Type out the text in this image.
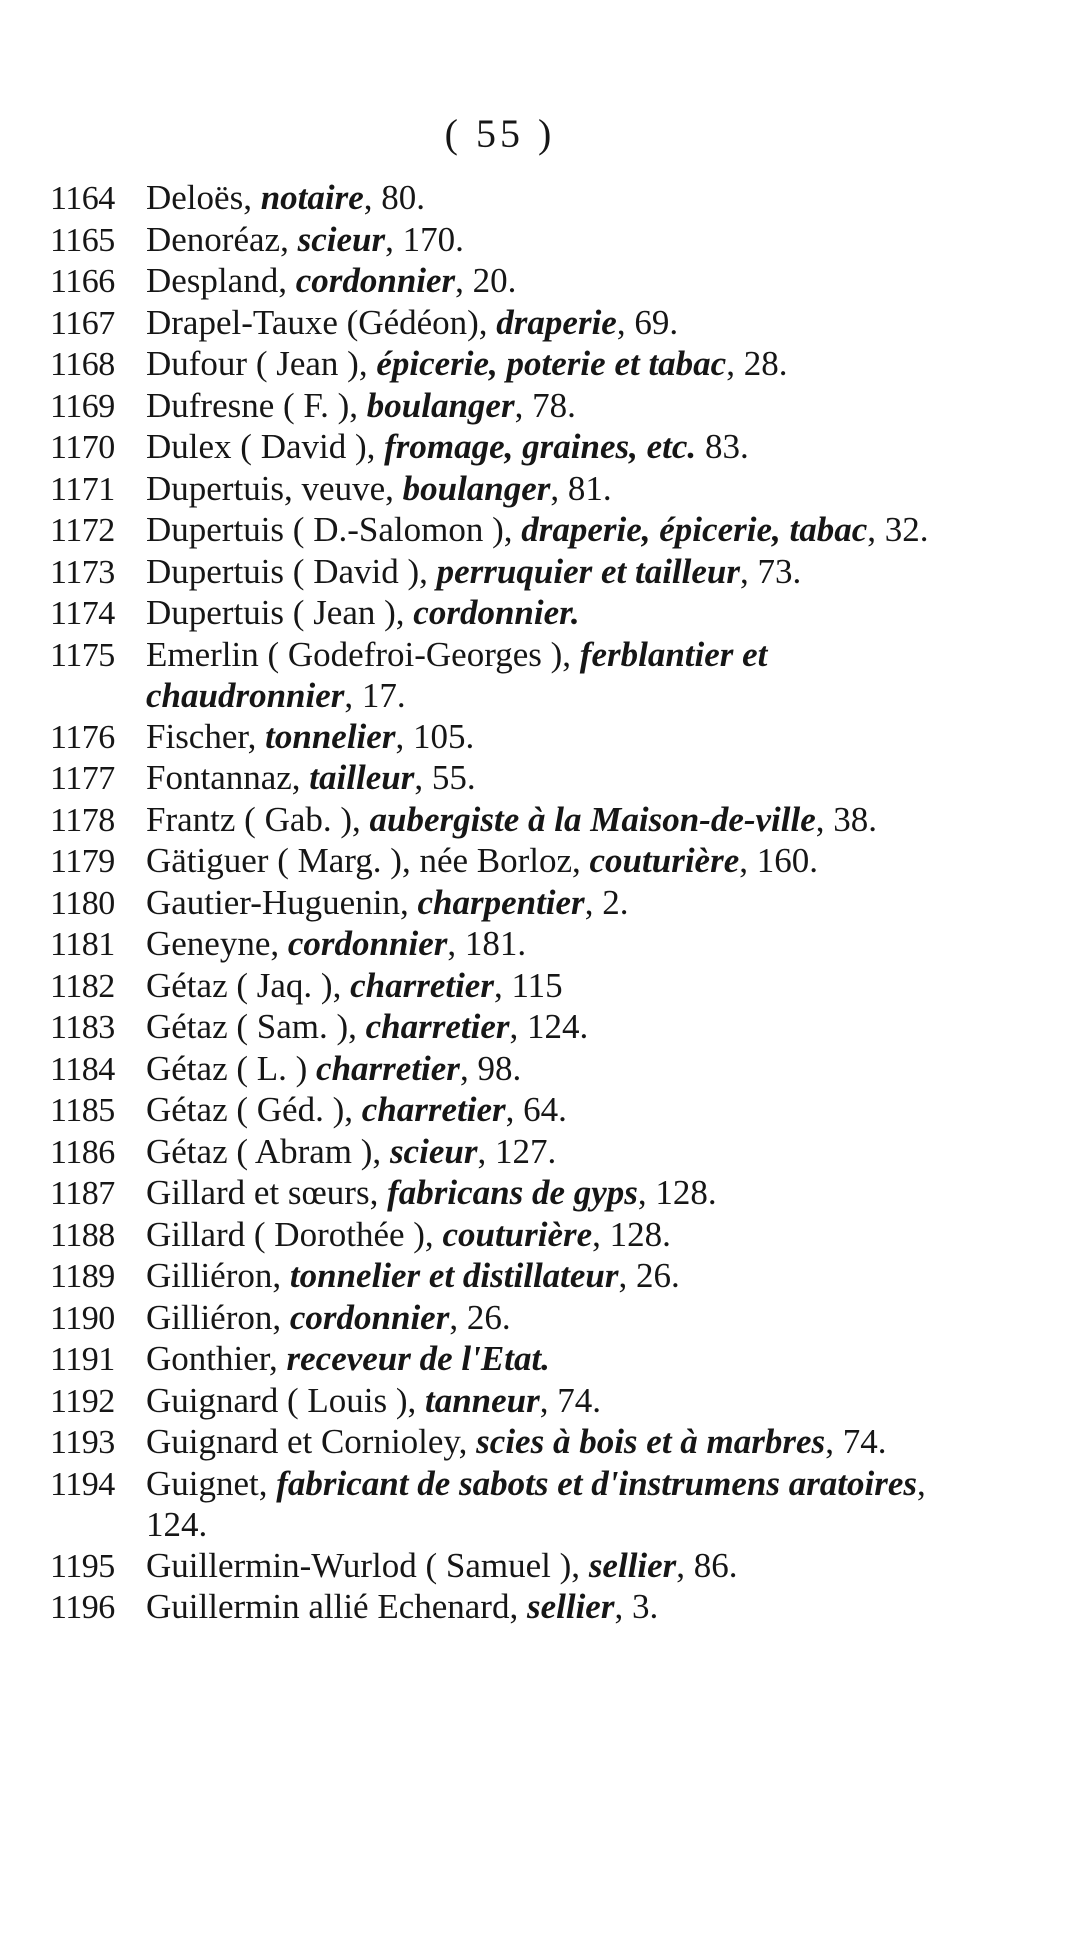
( 55 )

1164 Deloës, notaire, 80.

1165 Denoréaz, scieur, 170.

1166 Despland, cordonnier, 20.

1167 Drapel-Tauxe (Gédéon), draperie, 69.

1168 Dufour ( Jean ), épicerie, poterie et tabac, 28.

1169 Dufresne ( F. ), boulanger, 78.

1170 Dulex ( David ), fromage, graines, etc. 83.

1171 Dupertuis, veuve, boulanger, 81.

1172 Dupertuis ( D.-Salomon ), draperie, épicerie, tabac, 32.

1173 Dupertuis ( David ), perruquier et tailleur, 73.

1174 Dupertuis ( Jean ), cordonnier.

1175 Emerlin ( Godefroi-Georges ), ferblantier et chaudronnier, 17.

1176 Fischer, tonnelier, 105.

1177 Fontannaz, tailleur, 55.

1178 Frantz ( Gab. ), aubergiste à la Maison-de-ville, 38.

1179 Gätiguer ( Marg. ), née Borloz, couturière, 160.

1180 Gautier-Huguenin, charpentier, 2.

1181 Geneyne, cordonnier, 181.

1182 Gétaz ( Jaq. ), charretier, 115

1183 Gétaz ( Sam. ), charretier, 124.

1184 Gétaz ( L. ) charretier, 98.

1185 Gétaz ( Géd. ), charretier, 64.

1186 Gétaz ( Abram ), scieur, 127.

1187 Gillard et sœurs, fabricans de gyps, 128.

1188 Gillard ( Dorothée ), couturière, 128.

1189 Gilliéron, tonnelier et distillateur, 26.

1190 Gilliéron, cordonnier, 26.

1191 Gonthier, receveur de l'Etat.

1192 Guignard ( Louis ), tanneur, 74.

1193 Guignard et Cornioley, scies à bois et à marbres, 74.

1194 Guignet, fabricant de sabots et d'instrumens aratoires, 124.

1195 Guillermin-Wurlod ( Samuel ), sellier, 86.

1196 Guillermin allié Echenard, sellier, 3.
